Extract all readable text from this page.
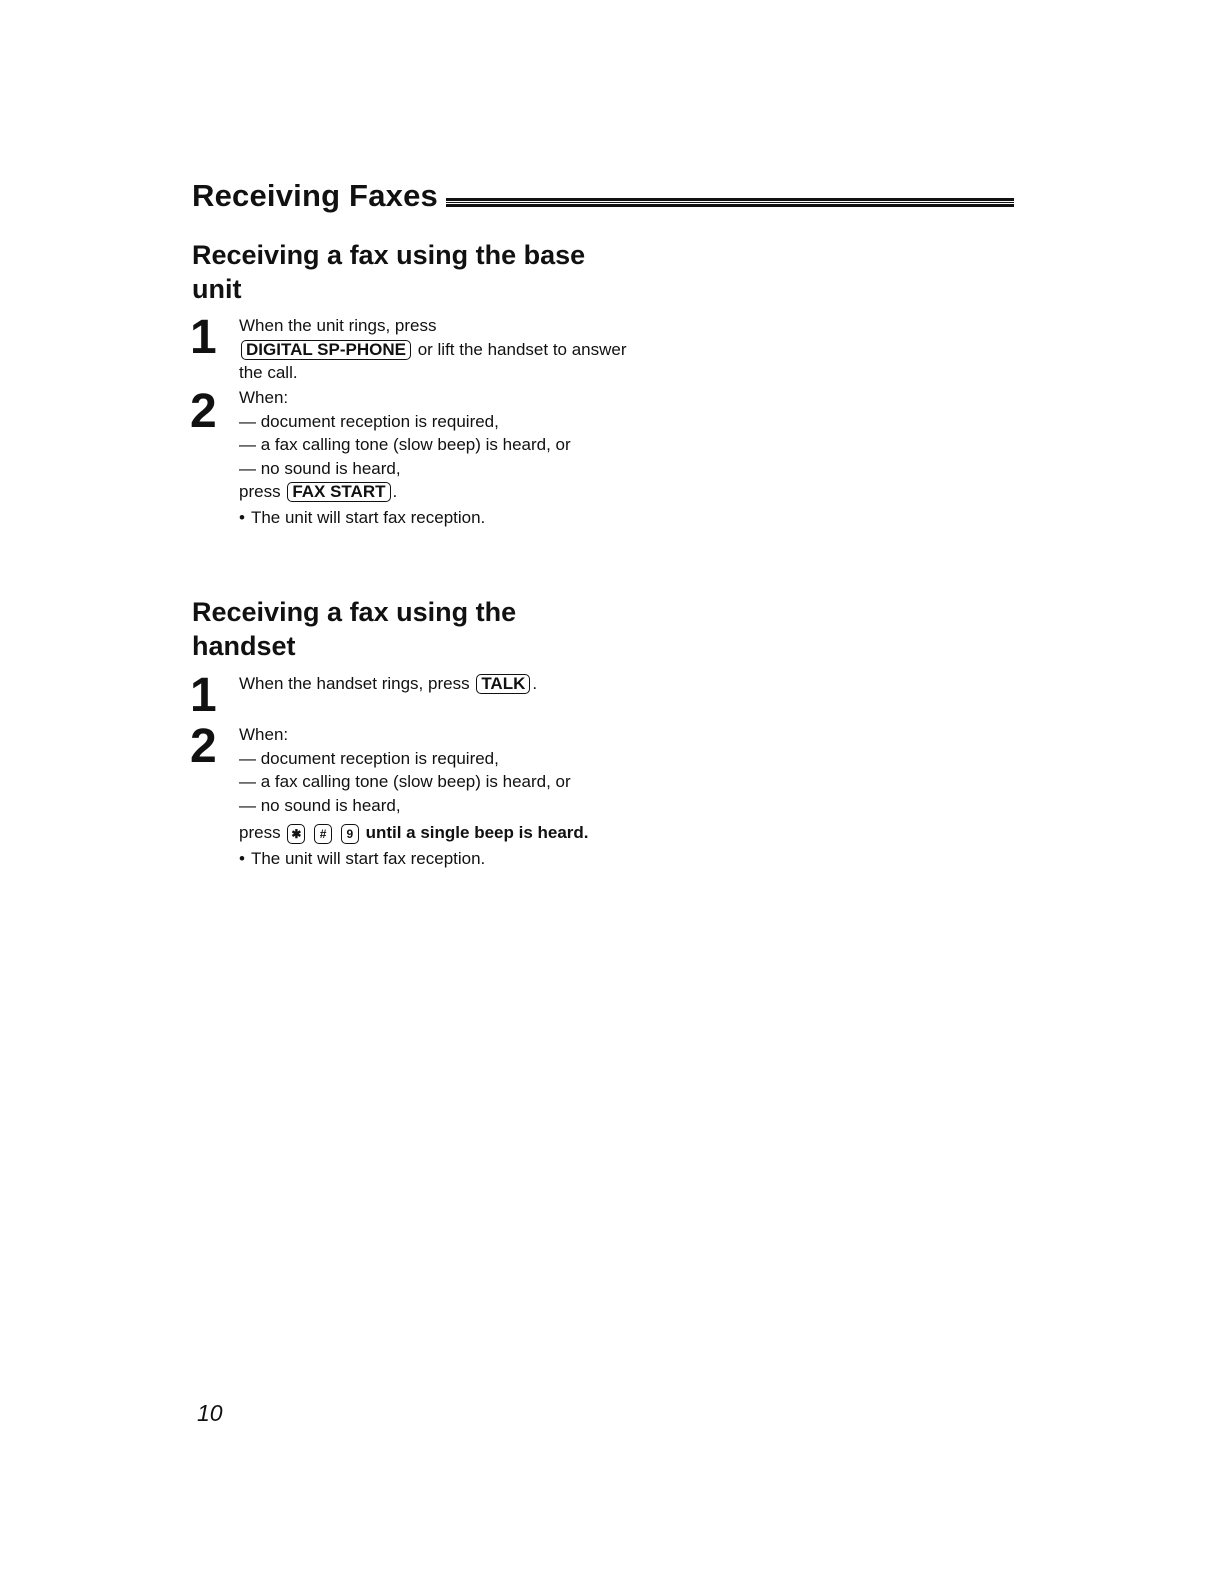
Receiving Faxes
Receiving a fax using the base unit
1 When the unit rings, press
DIGITAL SP-PHONE or lift the handset to answer the call.

2 When:

— document reception is required,

— a fax calling tone (slow beep) is heard, or

— no sound is heard,

press FAX START .

• The unit will start fax reception.

Receiving a fax using the handset
1 When the handset rings, press TALK .

2 When:

— document reception is required,

— a fax calling tone (slow beep) is heard, or

— no sound is heard,

press ✱ # 9 until a single beep is heard.

• The unit will start fax reception.

10
